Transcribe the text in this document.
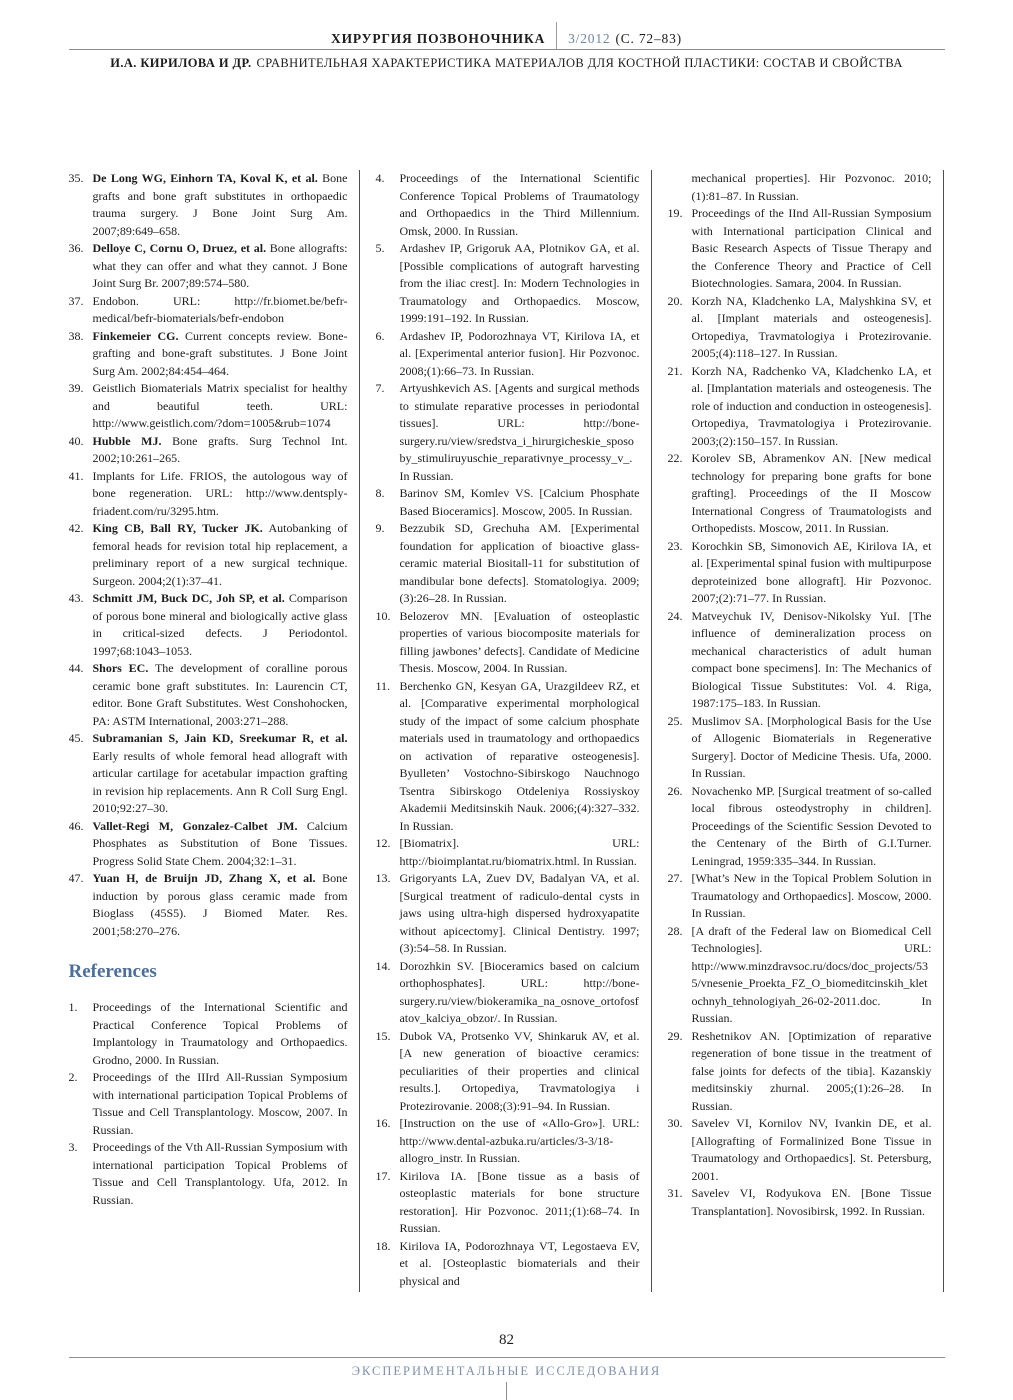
ХИРУРГИЯ ПОЗВОНОЧНИКА 3/2012 (С. 72–83)
И.А. КИРИЛОВА И ДР. СРАВНИТЕЛЬНАЯ ХАРАКТЕРИСТИКА МАТЕРИАЛОВ ДЛЯ КОСТНОЙ ПЛАСТИКИ: СОСТАВ И СВОЙСТВА
35. De Long WG, Einhorn TA, Koval K, et al. Bone grafts and bone graft substitutes in orthopaedic trauma surgery. J Bone Joint Surg Am. 2007;89:649–658.
36. Delloye C, Cornu O, Druez, et al. Bone allografts: what they can offer and what they cannot. J Bone Joint Surg Br. 2007;89:574–580.
37. Endobon. URL: http://fr.biomet.be/befr-medical/befr-biomaterials/befr-endobon
38. Finkemeier CG. Current concepts review. Bone-grafting and bone-graft substitutes. J Bone Joint Surg Am. 2002;84:454–464.
39. Geistlich Biomaterials Matrix specialist for healthy and beautiful teeth. URL: http://www.geistlich.com/?dom=1005&rub=1074
40. Hubble MJ. Bone grafts. Surg Technol Int. 2002;10:261–265.
41. Implants for Life. FRIOS, the autologous way of bone regeneration. URL: http://www.dentsply-friadent.com/ru/3295.htm.
42. King CB, Ball RY, Tucker JK. Autobanking of femoral heads for revision total hip replacement, a preliminary report of a new surgical technique. Surgeon. 2004;2(1):37–41.
43. Schmitt JM, Buck DC, Joh SP, et al. Comparison of porous bone mineral and biologically active glass in critical-sized defects. J Periodontol. 1997;68:1043–1053.
44. Shors EC. The development of coralline porous ceramic bone graft substitutes. In: Laurencin CT, editor. Bone Graft Substitutes. West Conshohocken, PA: ASTM International, 2003:271–288.
45. Subramanian S, Jain KD, Sreekumar R, et al. Early results of whole femoral head allograft with articular cartilage for acetabular impaction grafting in revision hip replacements. Ann R Coll Surg Engl. 2010;92:27–30.
46. Vallet-Regi M, Gonzalez-Calbet JM. Calcium Phosphates as Substitution of Bone Tissues. Progress Solid State Chem. 2004;32:1–31.
47. Yuan H, de Bruijn JD, Zhang X, et al. Bone induction by porous glass ceramic made from Bioglass (45S5). J Biomed Mater. Res. 2001;58:270–276.
References
1.	Proceedings of the International Scientific and Practical Conference Topical Problems of Implantology in Traumatology and Orthopaedics. Grodno, 2000. In Russian.
2.	Proceedings of the IIIrd All-Russian Symposium with international participation Topical Problems of Tissue and Cell Transplantology. Moscow, 2007. In Russian.
3.	Proceedings of the Vth All-Russian Symposium with international participation Topical Problems of Tissue and Cell Transplantology. Ufa, 2012. In Russian.
4.	Proceedings of the International Scientific Conference Topical Problems of Traumatology and Orthopaedics in the Third Millennium. Omsk, 2000. In Russian.
5.	Ardashev IP, Grigoruk AA, Plotnikov GA, et al. [Possible complications of autograft harvesting from the iliac crest]. In: Modern Technologies in Traumatology and Orthopaedics. Moscow, 1999:191–192. In Russian.
6.	Ardashev IP, Podorozhnaya VT, Kirilova IA, et al. [Experimental anterior fusion]. Hir Pozvonoc. 2008;(1):66–73. In Russian.
7.	Artyushkevich AS. [Agents and surgical methods to stimulate reparative processes in periodontal tissues]. URL: http://bone-surgery.ru/view/sredstva_i_hirurgicheskie_sposoby_stimuliruyuschie_reparativnye_processy_v_. In Russian.
8.	Barinov SM, Komlev VS. [Calcium Phosphate Based Bioceramics]. Moscow, 2005. In Russian.
9.	Bezzubik SD, Grechuha AM. [Experimental foundation for application of bioactive glass-ceramic material Biositall-11 for substitution of mandibular bone defects]. Stomatologiya. 2009;(3):26–28. In Russian.
10. Belozerov MN. [Evaluation of osteoplastic properties of various biocomposite materials for filling jawbones’ defects]. Candidate of Medicine Thesis. Moscow, 2004. In Russian.
11. Berchenko GN, Kesyan GA, Urazgildeev RZ, et al. [Comparative experimental morphological study of the impact of some calcium phosphate materials used in traumatology and orthopaedics on activation of reparative osteogenesis]. Byulleten’ Vostochno-Sibirskogo Nauchnogo Tsentra Sibirskogo Otdeleniya Rossiyskoy Akademii Meditsinskih Nauk. 2006;(4):327–332. In Russian.
12. [Biomatrix]. URL: http://bioimplantat.ru/biomatrix.html. In Russian.
13. Grigoryants LA, Zuev DV, Badalyan VA, et al. [Surgical treatment of radiculo-dental cysts in jaws using ultra-high dispersed hydroxyapatite without apicectomy]. Clinical Dentistry. 1997;(3):54–58. In Russian.
14. Dorozhkin SV. [Bioceramics based on calcium orthophosphates]. URL: http://bone-surgery.ru/view/biokeramika_na_osnove_ortofosfatov_kalciya_obzor/. In Russian.
15. Dubok VA, Protsenko VV, Shinkaruk AV, et al. [A new generation of bioactive ceramics: peculiarities of their properties and clinical results.]. Ortopediya, Travmatologiya i Protezirovanie. 2008;(3):91–94. In Russian.
16. [Instruction on the use of «Allo-Gro»]. URL: http://www.dental-azbuka.ru/articles/3-3/18-allogro_instr. In Russian.
17. Kirilova IA. [Bone tissue as a basis of osteoplastic materials for bone structure restoration]. Hir Pozvonoc. 2011;(1):68–74. In Russian.
18. Kirilova IA, Podorozhnaya VT, Legostaeva EV, et al. [Osteoplastic biomaterials and their physical and
mechanical properties]. Hir Pozvonoc. 2010;(1):81–87. In Russian.
19. Proceedings of the IInd All-Russian Symposium with International participation Clinical and Basic Research Aspects of Tissue Therapy and the Conference Theory and Practice of Cell Biotechnologies. Samara, 2004. In Russian.
20. Korzh NA, Kladchenko LA, Malyshkina SV, et al. [Implant materials and osteogenesis]. Ortopediya, Travmatologiya i Protezirovanie. 2005;(4):118–127. In Russian.
21. Korzh NA, Radchenko VA, Kladchenko LA, et al. [Implantation materials and osteogenesis. The role of induction and conduction in osteogenesis]. Ortopediya, Travmatologiya i Protezirovanie. 2003;(2):150–157. In Russian.
22. Korolev SB, Abramenkov AN. [New medical technology for preparing bone grafts for bone grafting]. Proceedings of the II Moscow International Congress of Traumatologists and Orthopedists. Moscow, 2011. In Russian.
23. Korochkin SB, Simonovich AE, Kirilova IA, et al. [Experimental spinal fusion with multipurpose deproteinized bone allograft]. Hir Pozvonoc. 2007;(2):71–77. In Russian.
24. Matveychuk IV, Denisov-Nikolsky YuI. [The influence of demineralization process on mechanical characteristics of adult human compact bone specimens]. In: The Mechanics of Biological Tissue Substitutes: Vol. 4. Riga, 1987:175–183. In Russian.
25. Muslimov SA. [Morphological Basis for the Use of Allogenic Biomaterials in Regenerative Surgery]. Doctor of Medicine Thesis. Ufa, 2000. In Russian.
26. Novachenko MP. [Surgical treatment of so-called local fibrous osteodystrophy in children]. Proceedings of the Scientific Session Devoted to the Centenary of the Birth of G.I.Turner. Leningrad, 1959:335–344. In Russian.
27. [What’s New in the Topical Problem Solution in Traumatology and Orthopaedics]. Moscow, 2000. In Russian.
28. [A draft of the Federal law on Biomedical Cell Technologies]. URL: http://www.minzdravsoc.ru/docs/doc_projects/535/vnesenie_Proekta_FZ_O_biomeditcinskih_kletochnyh_tehnologiyah_26-02-2011.doc. In Russian.
29. Reshetnikov AN. [Optimization of reparative regeneration of bone tissue in the treatment of false joints for defects of the tibia]. Kazanskiy meditsinskiy zhurnal. 2005;(1):26–28. In Russian.
30. Savelev VI, Kornilov NV, Ivankin DE, et al. [Allografting of Formalinized Bone Tissue in Traumatology and Orthopaedics]. St. Petersburg, 2001.
31. Savelev VI, Rodyukova EN. [Bone Tissue Transplantation]. Novosibirsk, 1992. In Russian.
82
ЭКСПЕРИМЕНТАЛЬНЫЕ ИССЛЕДОВАНИЯ
